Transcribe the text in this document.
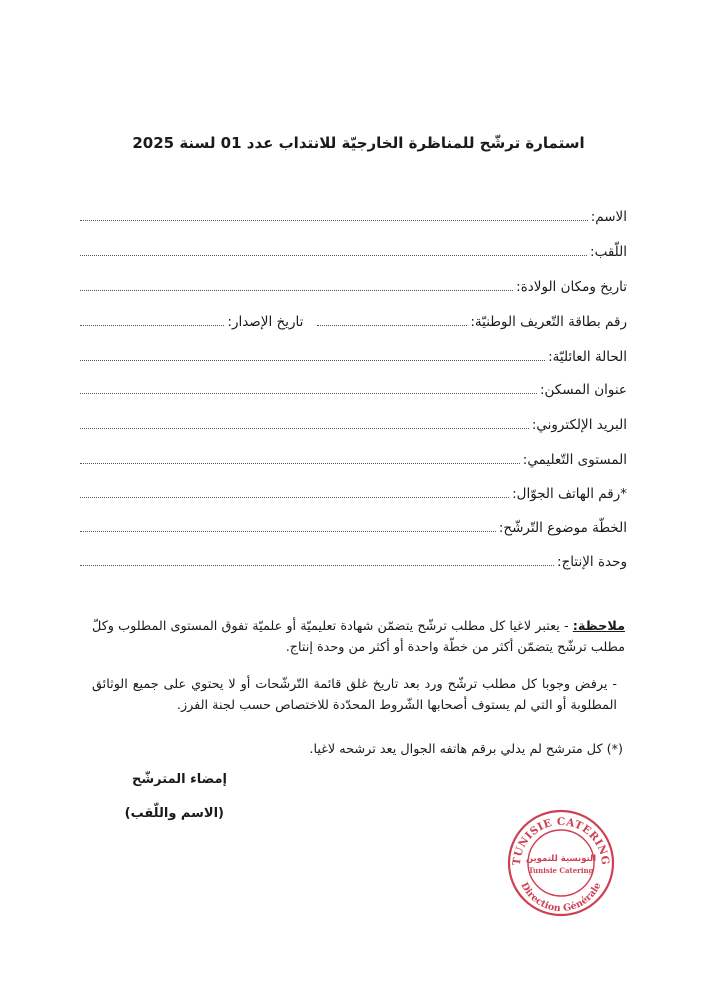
استمارة ترشّح للمناظرة الخارجيّة للانتداب عدد 01 لسنة 2025
الاسم:
اللّقب:
تاريخ ومكان الولادة:
رقم بطاقة التّعريف الوطنيّة:
تاريخ الإصدار:
الحالة العائليّة:
عنوان المسكن:
البريد الإلكتروني:
المستوى التّعليمي:
*رقم الهاتف الجوّال:
الخطّة موضوع التّرشّح:
وحدة الإنتاج:
ملاحظة: - يعتبر لاغيا كل مطلب ترشّح يتضمّن شهادة تعليميّة أو علميّة تفوق المستوى المطلوب وكلّ مطلب ترشّح يتضمّن أكثر من خطّة واحدة أو أكثر من وحدة إنتاج.
- يرفض وجوبا كل مطلب ترشّح ورد بعد تاريخ غلق قائمة التّرشّحات أو لا يحتوي على جميع الوثائق المطلوبة أو التي لم يستوف أصحابها الشّروط المحدّدة للاختصاص حسب لجنة الفرز.
(*) كل مترشح لم يدلي برقم هاتفه الجوال يعد ترشحه لاغيا.
إمضاء المترشّح
(الاسم واللّقب)
TUNISIE CATERING
Direction Générale
التونسية للتموين
Tunisie Catering
